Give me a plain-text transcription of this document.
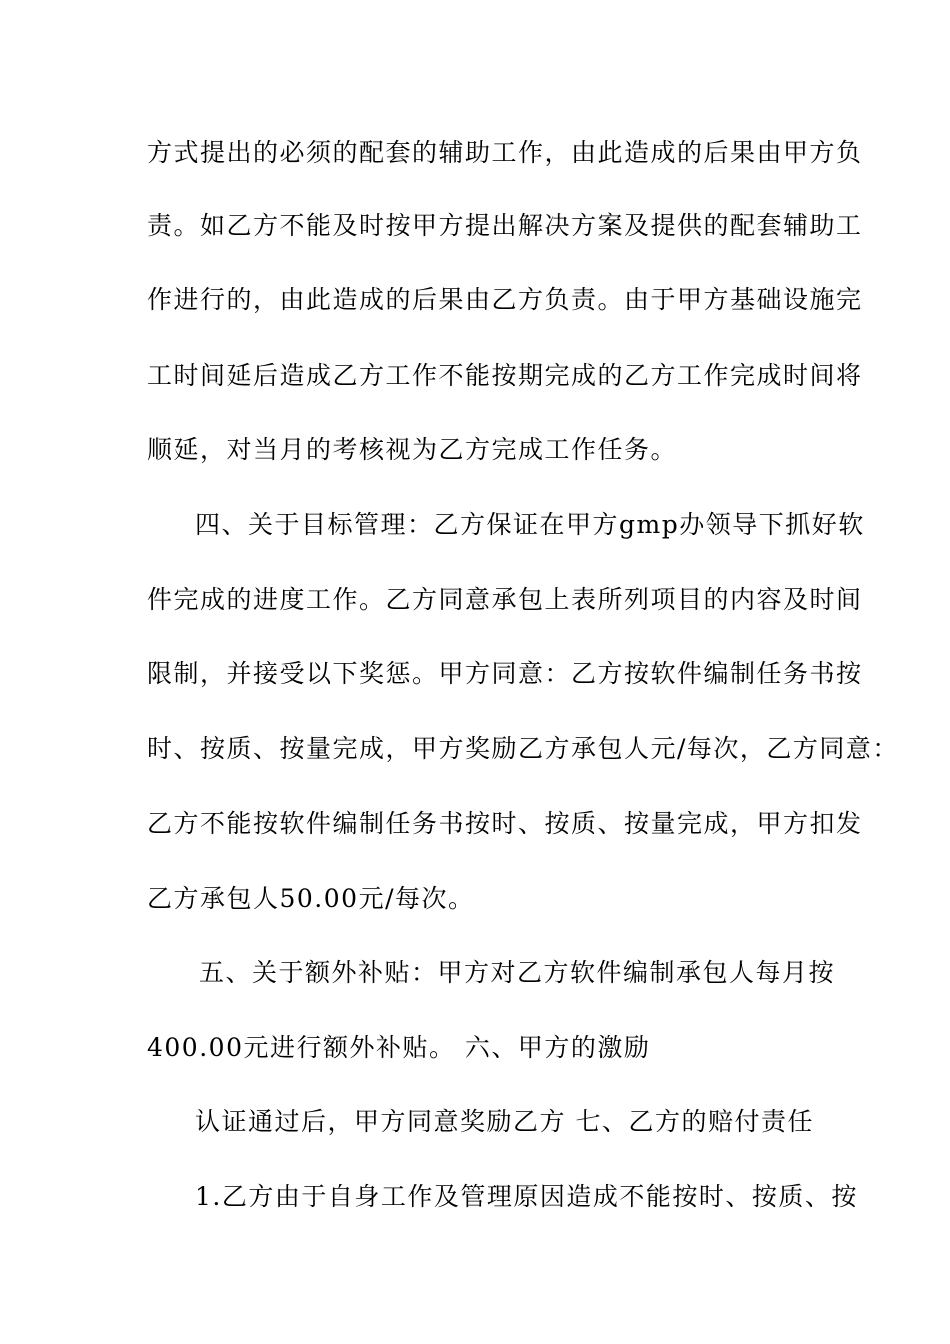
方式提出的必须的配套的辅助工作，由此造成的后果由甲方负
责。如乙方不能及时按甲方提出解决方案及提供的配套辅助工
作进行的，由此造成的后果由乙方负责。由于甲方基础设施完
工时间延后造成乙方工作不能按期完成的乙方工作完成时间将
顺延，对当月的考核视为乙方完成工作任务。
四、关于目标管理：乙方保证在甲方gmp办领导下抓好软
件完成的进度工作。乙方同意承包上表所列项目的内容及时间
限制，并接受以下奖惩。甲方同意：乙方按软件编制任务书按
时、按质、按量完成，甲方奖励乙方承包人元/每次，乙方同意：
乙方不能按软件编制任务书按时、按质、按量完成，甲方扣发
乙方承包人50.00元/每次。
五、关于额外补贴：甲方对乙方软件编制承包人每月按
400.00元进行额外补贴。 六、甲方的激励
认证通过后，甲方同意奖励乙方 七、乙方的赔付责任
1.乙方由于自身工作及管理原因造成不能按时、按质、按
